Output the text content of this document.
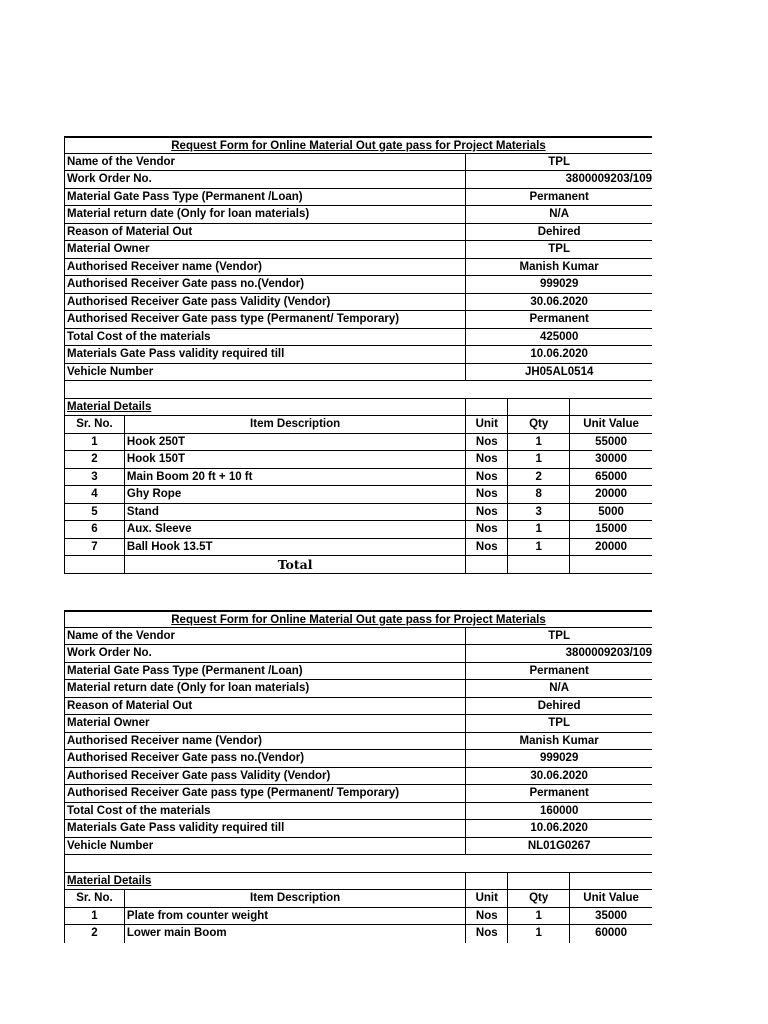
Request Form for Online Material Out gate pass for Project Materials
Name of the Vendor	TPL
Work Order No.	3800009203/109
Material Gate Pass Type (Permanent /Loan)	Permanent
Material return date (Only for loan materials)	N/A
Reason of Material Out	Dehired
Material Owner	TPL
Authorised Receiver name (Vendor)	Manish Kumar
Authorised Receiver Gate pass no.(Vendor)	999029
Authorised Receiver Gate pass Validity (Vendor)	30.06.2020
Authorised Receiver Gate pass type (Permanent/ Temporary)	Permanent
Total Cost of the materials	425000
Materials Gate Pass validity required till	10.06.2020
Vehicle Number	JH05AL0514
Material Details
Sr. No.	Item Description	Unit	Qty	Unit Value
1	Hook 250T	Nos	1	55000
2	Hook 150T	Nos	1	30000
3	Main Boom 20 ft + 10 ft	Nos	2	65000
4	Ghy Rope	Nos	8	20000
5	Stand	Nos	3	5000
6	Aux. Sleeve	Nos	1	15000
7	Ball Hook 13.5T	Nos	1	20000
Total
Request Form for Online Material Out gate pass for Project Materials
Name of the Vendor	TPL
Work Order No.	3800009203/109
Material Gate Pass Type (Permanent /Loan)	Permanent
Material return date (Only for loan materials)	N/A
Reason of Material Out	Dehired
Material Owner	TPL
Authorised Receiver name (Vendor)	Manish Kumar
Authorised Receiver Gate pass no.(Vendor)	999029
Authorised Receiver Gate pass Validity (Vendor)	30.06.2020
Authorised Receiver Gate pass type (Permanent/ Temporary)	Permanent
Total Cost of the materials	160000
Materials Gate Pass validity required till	10.06.2020
Vehicle Number	NL01G0267
Material Details
Sr. No.	Item Description	Unit	Qty	Unit Value
1	Plate from counter weight	Nos	1	35000
2	Lower main Boom	Nos	1	60000
